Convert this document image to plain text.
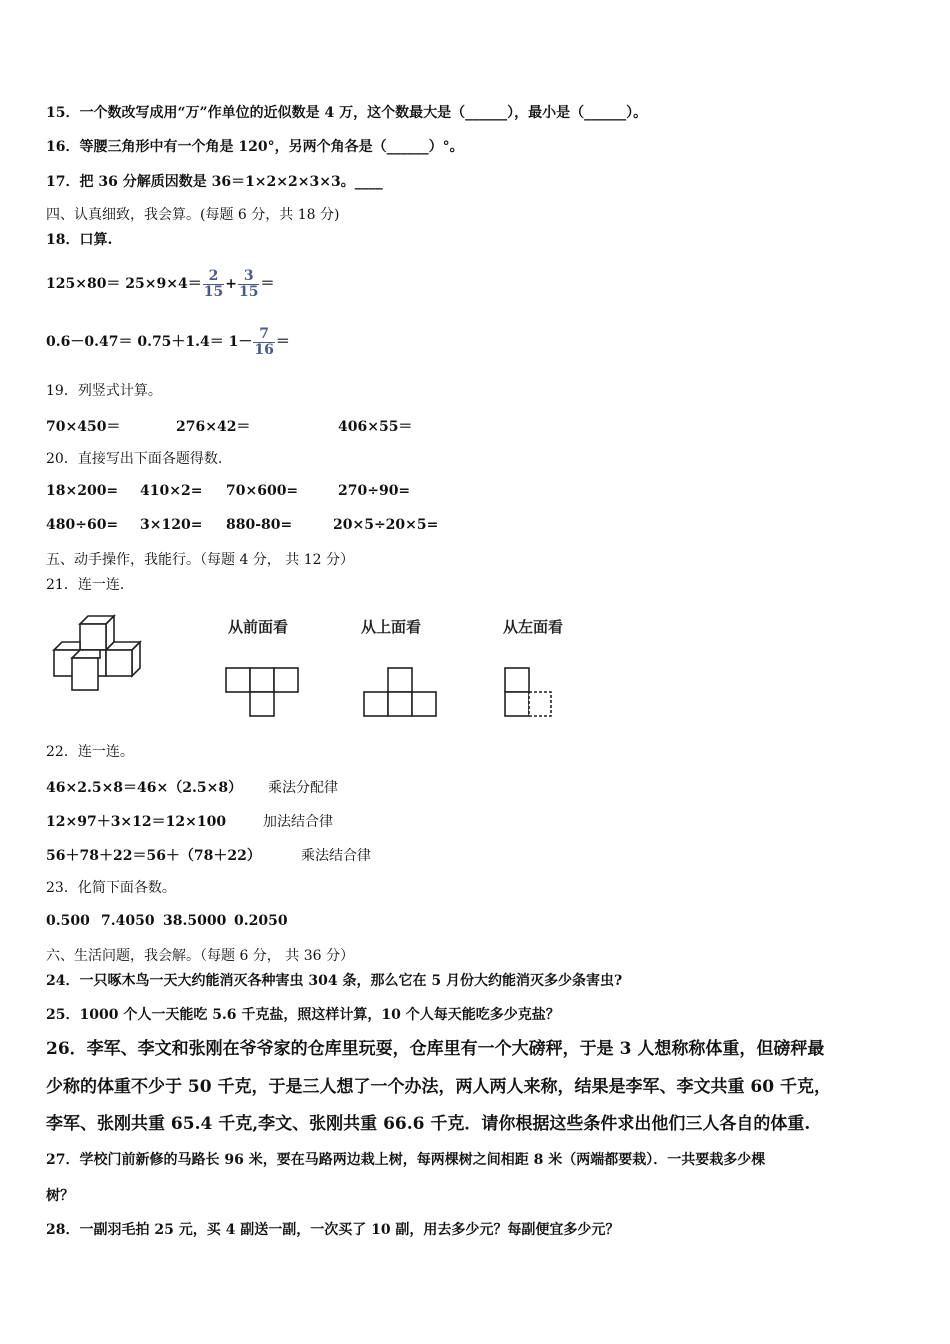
15．一个数改写成用“万”作单位的近似数是 4 万，这个数最大是（______），最小是（______）。
16．等腰三角形中有一个角是 120°，另两个角各是（______）°。
17．把 36 分解质因数是 36＝1×2×2×3×3。____
四、认真细致，我会算。(每题 6 分，共 18 分)
18．口算.
$125\times 80= 25\times 9\times 4= \frac{2}{15} + \frac{3}{15}$ ＝
$0.6-0.47= 0.75+1.4= 1- \frac{7}{16}$ ＝
19．列竖式计算。
70×450＝	276×42＝	406×55＝
20．直接写出下面各题得数.
18×200= 410×2= 70×600=	270÷90=
480÷60= 3×120= 880-80=	20×5÷20×5=
五、动手操作，我能行。（每题 4 分， 共 12 分）
21．连一连.
从前面看	从上面看	从左面看
22．连一连。
46×2.5×8＝46×（2.5×8） 乘法分配律
12×97＋3×12＝12×100	加法结合律
56＋78＋22＝56＋（78＋22）	乘法结合律
23．化简下面各数。
0.500 7.4050 38.5000 0.2050
六、生活问题，我会解。（每题 6 分， 共 36 分）
24．一只啄木鸟一天大约能消灭各种害虫 304 条，那么它在 5 月份大约能消灭多少条害虫?
25．1000 个人一天能吃 5.6 千克盐，照这样计算，10 个人每天能吃多少克盐？
26．李军、李文和张刚在爷爷家的仓库里玩耍，仓库里有一个大磅秤，于是 3 人想称称体重，但磅秤最
少称的体重不少于 50 千克，于是三人想了一个办法，两人两人来称，结果是李军、李文共重 60 千克，
李军、张刚共重 65.4 千克,李文、张刚共重 66.6 千克．请你根据这些条件求出他们三人各自的体重.
27．学校门前新修的马路长 96 米，要在马路两边栽上树，每两棵树之间相距 8 米（两端都要栽）．一共要栽多少棵
树？
28．一副羽毛拍 25 元，买 4 副送一副，一次买了 10 副，用去多少元？每副便宜多少元？
